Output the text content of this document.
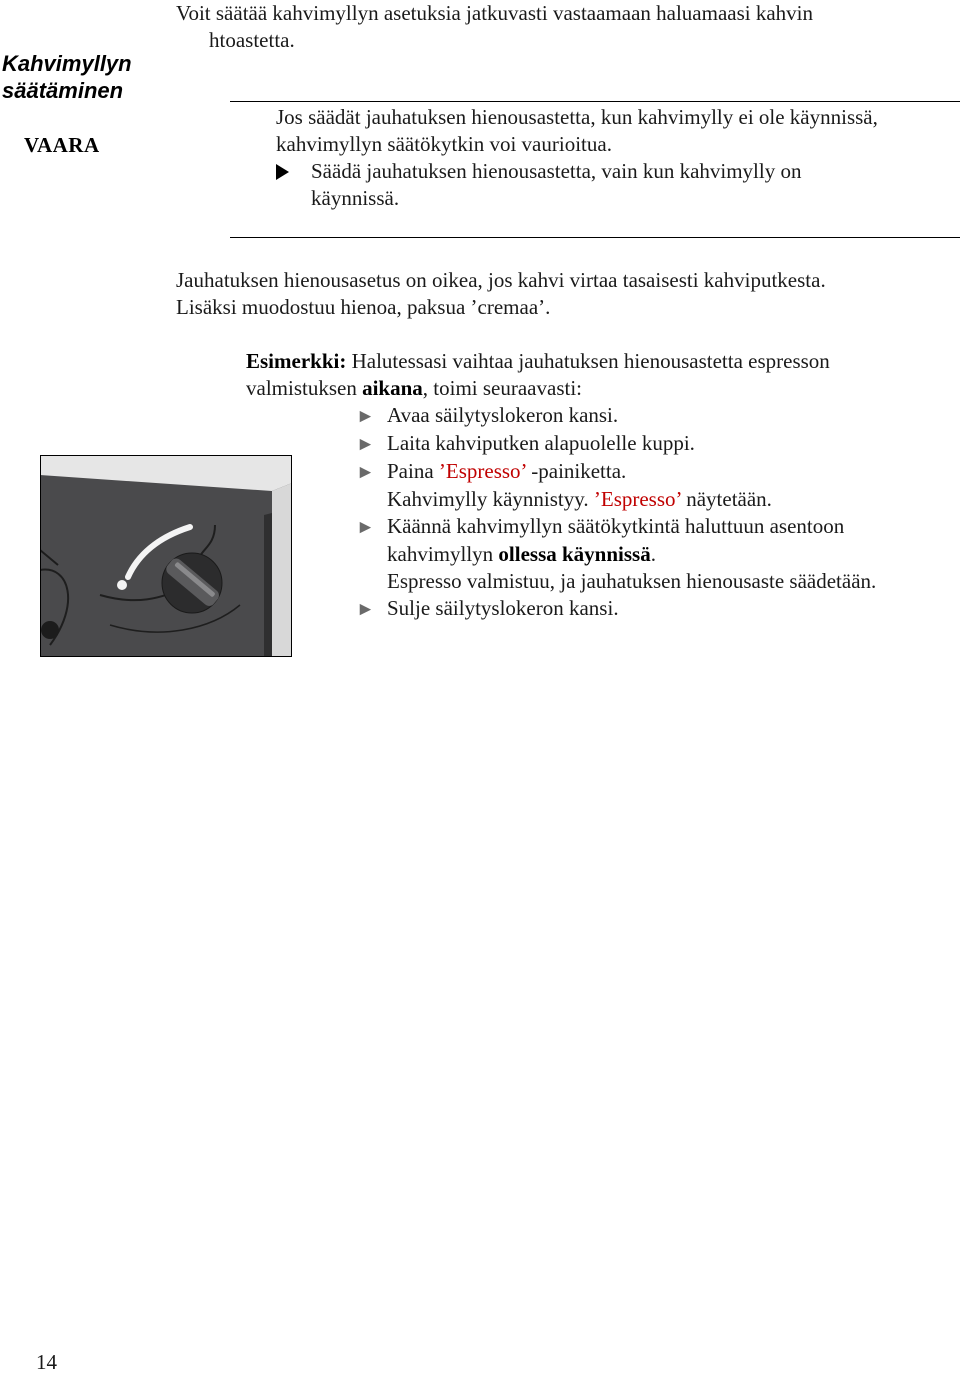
Kahvimyllyn
säätäminen
VAARA
Voit säätää kahvimyllyn asetuksia jatkuvasti vastaamaan haluamaasi kahvin
htoastetta.
Jos säädät jauhatuksen hienousastetta, kun kahvimylly ei ole käynnissä,
kahvimyllyn säätökytkin voi vaurioitua.
Säädä jauhatuksen hienousastetta, vain kun kahvimylly on
käynnissä.
Jauhatuksen hienousasetus on oikea, jos kahvi virtaa tasaisesti kahviputkesta.
Lisäksi muodostuu hienoa, paksua ’cremaa’.
Esimerkki: Halutessasi vaihtaa jauhatuksen hienousastetta espresson
valmistuksen aikana, toimi seuraavasti:
► Avaa säilytyslokeron kansi.
► Laita kahviputken alapuolelle kuppi.
► Paina ’Espresso’ -painiketta.
Kahvimylly käynnistyy. ’Espresso’ näytetään.
► Käännä kahvimyllyn säätökytkintä haluttuun asentoon
kahvimyllyn ollessa käynnissä.
Espresso valmistuu, ja jauhatuksen hienousaste säädetään.
► Sulje säilytyslokeron kansi.
14
